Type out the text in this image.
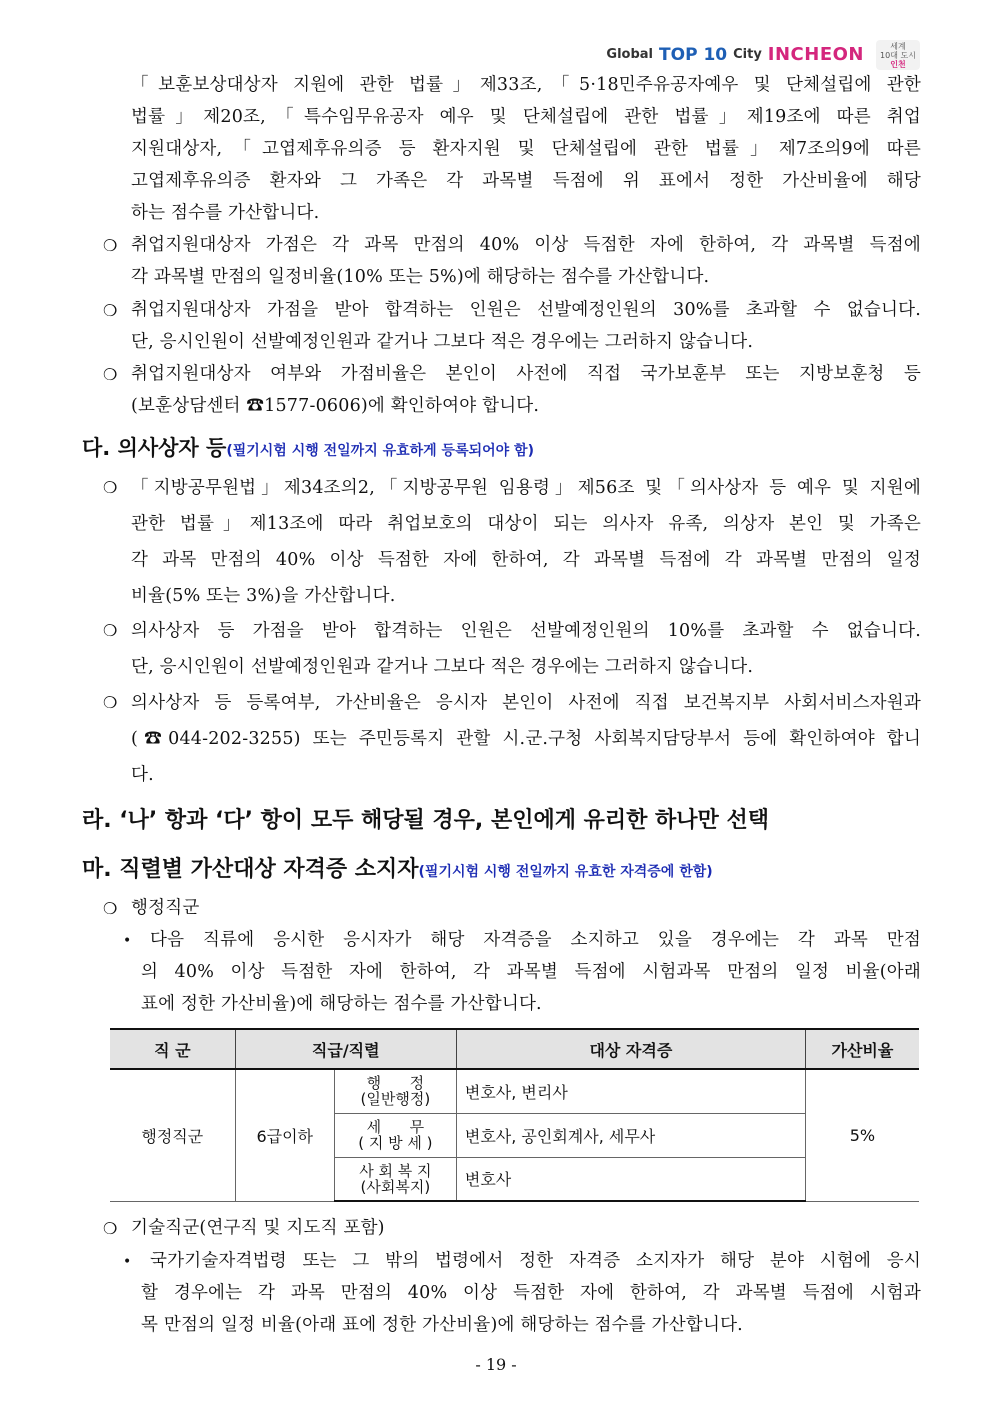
Global TOP 10 City INCHEON	세계
10대 도시
인천
「보훈보상대상자 지원에 관한 법률」제33조,「5·18민주유공자예우 및 단체설립에 관한
법률」제20조,「특수임무유공자 예우 및 단체설립에 관한 법률」제19조에 따른 취업
지원대상자,「고엽제후유의증 등 환자지원 및 단체설립에 관한 법률」제7조의9에 따른
고엽제후유의증 환자와 그 가족은 각 과목별 득점에 위 표에서 정한 가산비율에 해당
하는 점수를 가산합니다.
❍ 취업지원대상자 가점은 각 과목 만점의 40% 이상 득점한 자에 한하여, 각 과목별 득점에
각 과목별 만점의 일정비율(10% 또는 5%)에 해당하는 점수를 가산합니다.
❍ 취업지원대상자 가점을 받아 합격하는 인원은 선발예정인원의 30%를 초과할 수 없습니다.
단, 응시인원이 선발예정인원과 같거나 그보다 적은 경우에는 그러하지 않습니다.
❍ 취업지원대상자 여부와 가점비율은 본인이 사전에 직접 국가보훈부 또는 지방보훈청 등
(보훈상담센터 ☎1577-0606)에 확인하여야 합니다.
다. 의사상자 등(필기시험 시행 전일까지 유효하게 등록되어야 함)
❍ 「지방공무원법」제34조의2,「지방공무원 임용령」제56조 및「의사상자 등 예우 및 지원에
관한 법률」제13조에 따라 취업보호의 대상이 되는 의사자 유족, 의상자 본인 및 가족은
각 과목 만점의 40% 이상 득점한 자에 한하여, 각 과목별 득점에 각 과목별 만점의 일정
비율(5% 또는 3%)을 가산합니다.
❍ 의사상자 등 가점을 받아 합격하는 인원은 선발예정인원의 10%를 초과할 수 없습니다.
단, 응시인원이 선발예정인원과 같거나 그보다 적은 경우에는 그러하지 않습니다.
❍ 의사상자 등 등록여부, 가산비율은 응시자 본인이 사전에 직접 보건복지부 사회서비스자원과
(☎044-202-3255) 또는 주민등록지 관할 시.군.구청 사회복지담당부서 등에 확인하여야 합니
다.
라. ‘나’ 항과 ‘다’ 항이 모두 해당될 경우, 본인에게 유리한 하나만 선택
마. 직렬별 가산대상 자격증 소지자(필기시험 시행 전일까지 유효한 자격증에 한함)
❍ 행정직군
• 다음 직류에 응시한 응시자가 해당 자격증을 소지하고 있을 경우에는 각 과목 만점
의 40% 이상 득점한 자에 한하여, 각 과목별 득점에 시험과목 만점의 일정 비율(아래
표에 정한 가산비율)에 해당하는 점수를 가산합니다.
❍ 기술직군(연구직 및 지도직 포함)
• 국가기술자격법령 또는 그 밖의 법령에서 정한 자격증 소지자가 해당 분야 시험에 응시
할 경우에는 각 과목 만점의 40% 이상 득점한 자에 한하여, 각 과목별 득점에 시험과
목 만점의 일정 비율(아래 표에 정한 가산비율)에 해당하는 점수를 가산합니다.
직 군	직급/직렬		대상 자격증	가산비율
행정직군	6급이하	행      정
(일반행정)	변호사, 변리사	5%

		세      무
( 지 방 세 )	변호사, 공인회계사, 세무사	

		사 회 복 지
(사회복지)	변호사	
- 19 -
